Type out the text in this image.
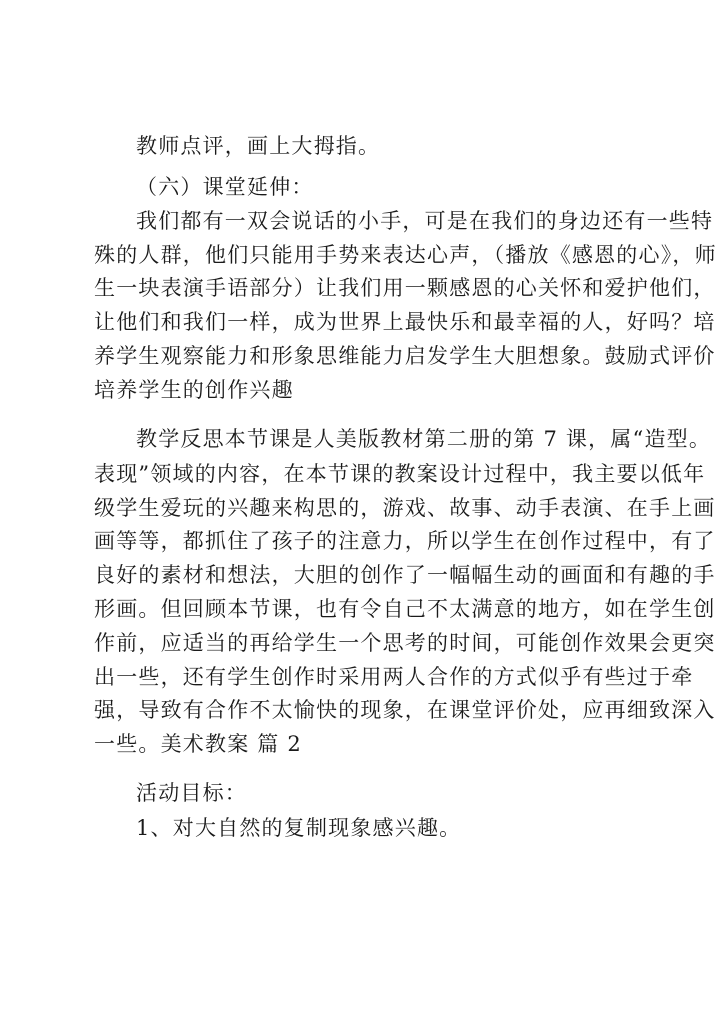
教师点评，画上大拇指。
（六）课堂延伸：
我们都有一双会说话的小手，可是在我们的身边还有一些特
殊的人群，他们只能用手势来表达心声，（播放《感恩的心》，师
生一块表演手语部分）让我们用一颗感恩的心关怀和爱护他们，
让他们和我们一样，成为世界上最快乐和最幸福的人，好吗？培
养学生观察能力和形象思维能力启发学生大胆想象。鼓励式评价
培养学生的创作兴趣
教学反思本节课是人美版教材第二册的第 7 课，属“造型。
表现”领域的内容，在本节课的教案设计过程中，我主要以低年
级学生爱玩的兴趣来构思的，游戏、故事、动手表演、在手上画
画等等，都抓住了孩子的注意力，所以学生在创作过程中，有了
良好的素材和想法，大胆的创作了一幅幅生动的画面和有趣的手
形画。但回顾本节课，也有令自己不太满意的地方，如在学生创
作前，应适当的再给学生一个思考的时间，可能创作效果会更突
出一些，还有学生创作时采用两人合作的方式似乎有些过于牵
强，导致有合作不太愉快的现象，在课堂评价处，应再细致深入
一些。美术教案 篇 2
活动目标：
1、对大自然的复制现象感兴趣。
